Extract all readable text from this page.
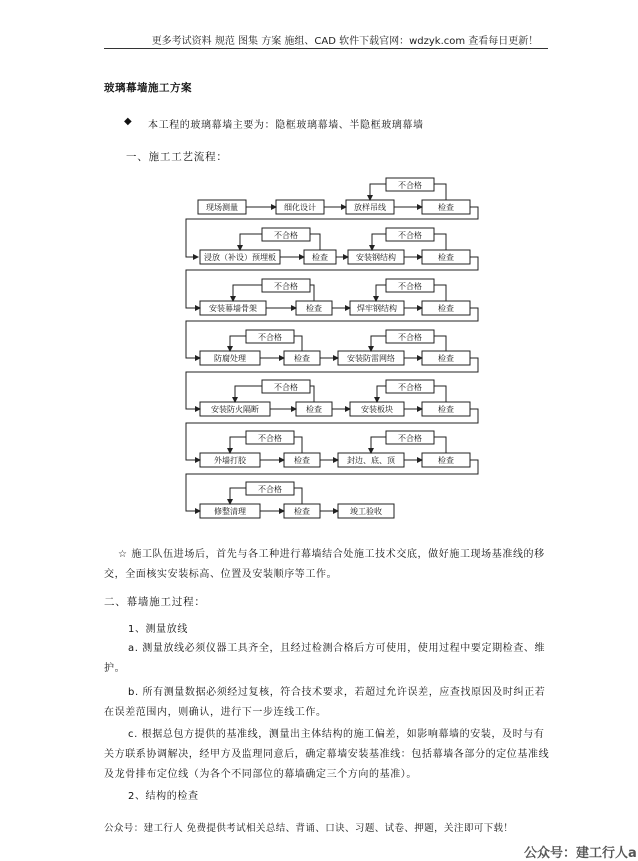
更多考试资料 规范 图集 方案 施组、CAD 软件下载官网：wdzyk.com 查看每日更新！
玻璃幕墙施工方案
◆ 本工程的玻璃幕墙主要为：隐框玻璃幕墙、半隐框玻璃幕墙
一、施工工艺流程：
现场测量	细化设计	放样吊线	检查
不合格
浸放（补设）预埋板	检查	安装钢结构	检查
不合格	不合格
安装幕墙骨架	检查	焊牢钢结构	检查
不合格	不合格
防腐处理	检查	安装防雷网络	检查
不合格	不合格
安装防火隔断	检查	安装板块	检查
不合格	不合格
外墙打胶	检查	封边、底、顶	检查
不合格	不合格
修整清理	检查	竣工验收
不合格
☆ 施工队伍进场后，首先与各工种进行幕墙结合处施工技术交底，做好施工现场基准线的移交，全面核实安装标高、位置及安装顺序等工作。
二、幕墙施工过程：
1、测量放线
a. 测量放线必须仪器工具齐全，且经过检测合格后方可使用，使用过程中要定期检查、维护。
b. 所有测量数据必须经过复核，符合技术要求，若超过允许误差，应查找原因及时纠正若在误差范围内，则确认，进行下一步连线工作。
c. 根据总包方提供的基准线，测量出主体结构的施工偏差，如影响幕墙的安装，及时与有关方联系协调解决，经甲方及监理同意后，确定幕墙安装基准线：包括幕墙各部分的定位基准线及龙骨排布定位线（为各个不同部位的幕墙确定三个方向的基准）。
2、结构的检查
公众号：建工行人 免费提供考试相关总结、背诵、口诀、习题、试卷、押题，关注即可下载！
公众号：建工行人a
